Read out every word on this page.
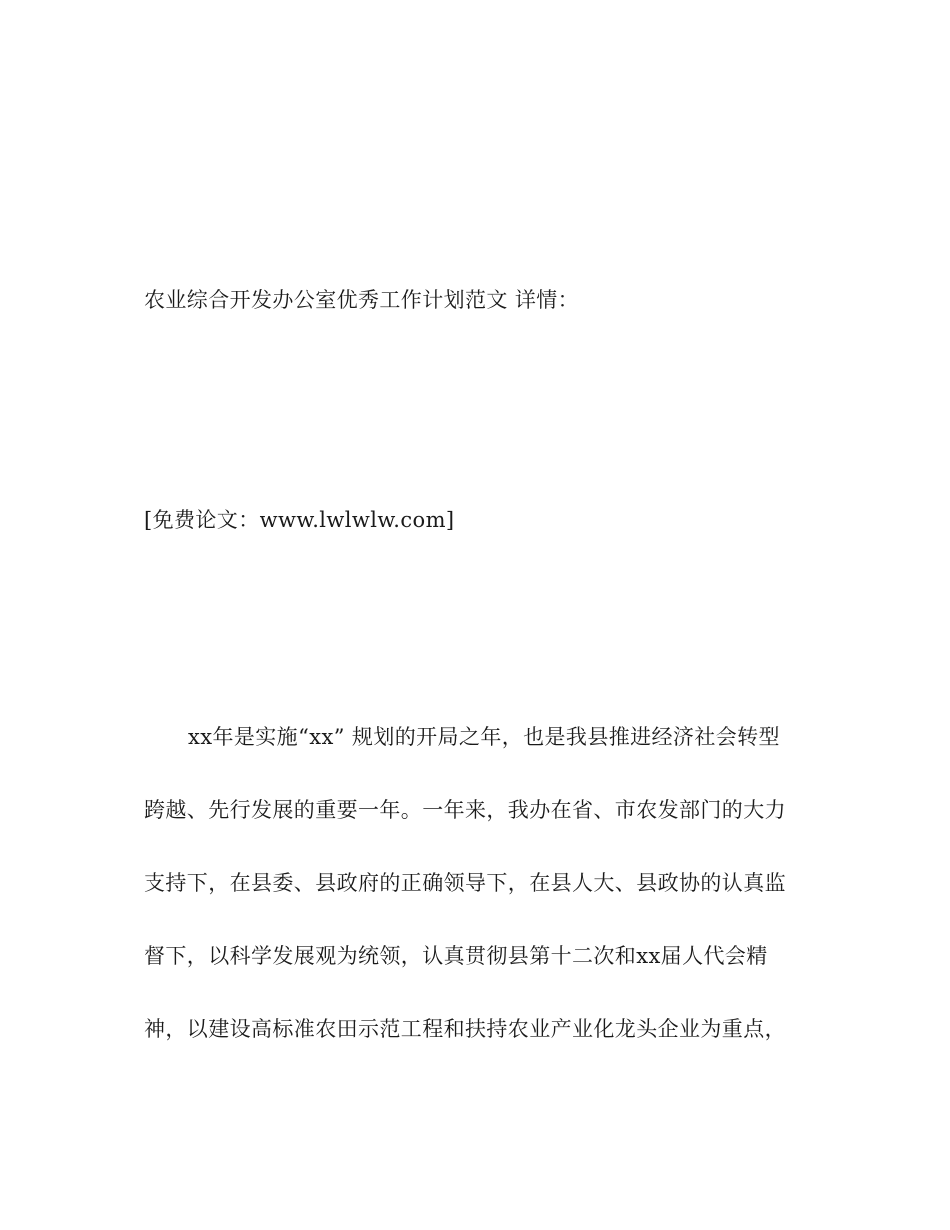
农业综合开发办公室优秀工作计划范文 详情：
[免费论文：www.lwlwlw.com]
xx年是实施“xx” 规划的开局之年，也是我县推进经济社会转型
跨越、先行发展的重要一年。一年来，我办在省、市农发部门的大力
支持下，在县委、县政府的正确领导下，在县人大、县政协的认真监
督下，以科学发展观为统领，认真贯彻县第十二次和xx届人代会精
神，以建设高标准农田示范工程和扶持农业产业化龙头企业为重点，
